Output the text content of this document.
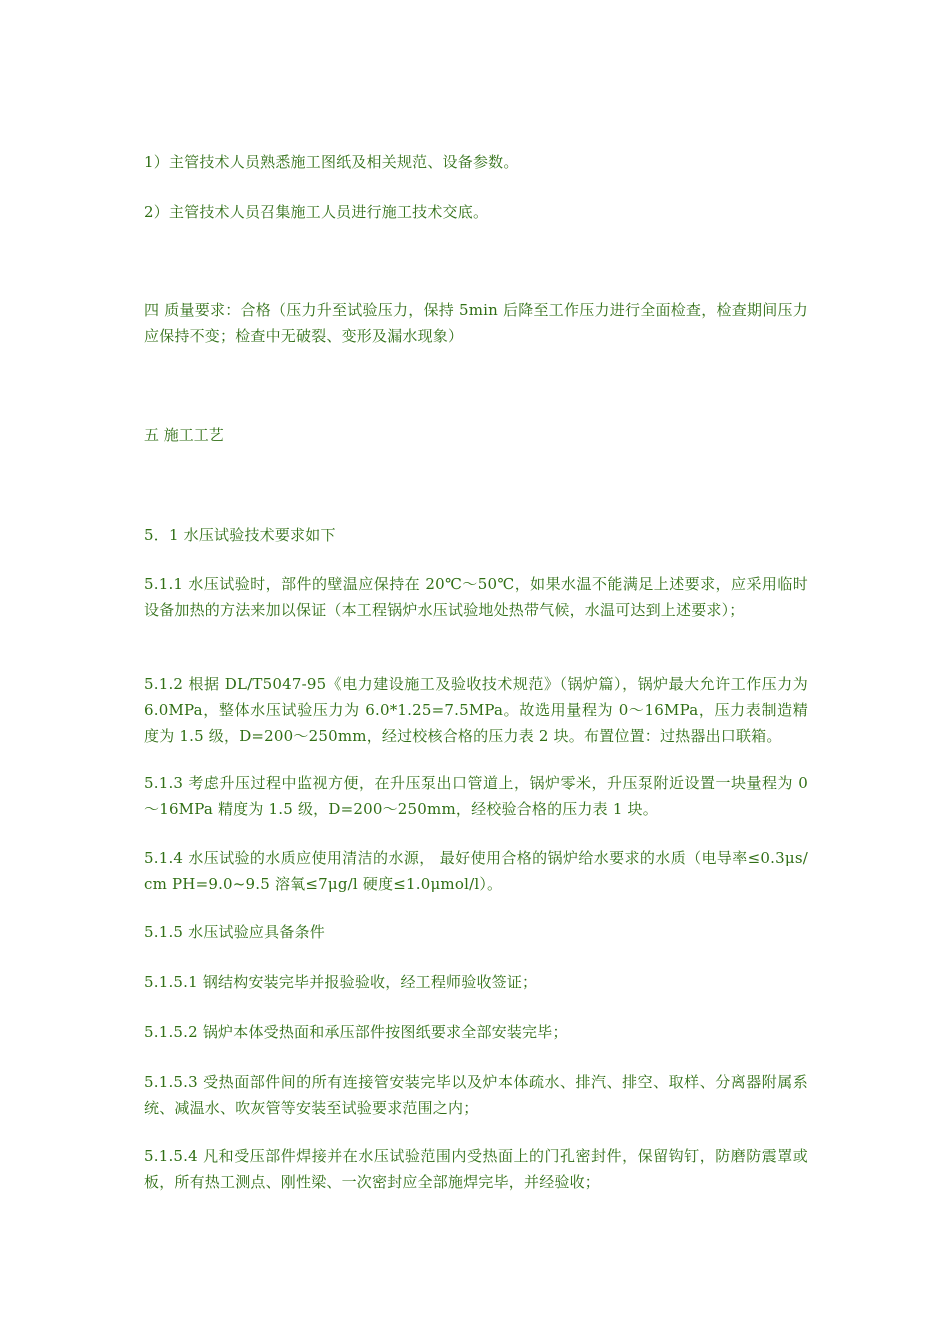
1）主管技术人员熟悉施工图纸及相关规范、设备参数。
2）主管技术人员召集施工人员进行施工技术交底。
四 质量要求：合格（压力升至试验压力，保持 5min 后降至工作压力进行全面检查，检查期间压力应保持不变；检查中无破裂、变形及漏水现象）
五 施工工艺
5．1 水压试验技术要求如下
5.1.1 水压试验时，部件的壁温应保持在 20℃～50℃，如果水温不能满足上述要求，应采用临时设备加热的方法来加以保证（本工程锅炉水压试验地处热带气候，水温可达到上述要求）；
5.1.2 根据 DL/T5047-95《电力建设施工及验收技术规范》（锅炉篇），锅炉最大允许工作压力为 6.0MPa，整体水压试验压力为 6.0*1.25=7.5MPa。故选用量程为 0～16MPa，压力表制造精度为 1.5 级，D=200～250mm，经过校核合格的压力表 2 块。布置位置：过热器出口联箱。
5.1.3 考虑升压过程中监视方便，在升压泵出口管道上，锅炉零米，升压泵附近设置一块量程为 0～16MPa 精度为 1.5 级，D=200～250mm，经校验合格的压力表 1 块。
5.1.4 水压试验的水质应使用清洁的水源， 最好使用合格的锅炉给水要求的水质（电导率≤0.3μs/cm PH=9.0~9.5 溶氧≤7μg/l 硬度≤1.0μmol/l）。
5.1.5 水压试验应具备条件
5.1.5.1 钢结构安装完毕并报验验收，经工程师验收签证；
5.1.5.2 锅炉本体受热面和承压部件按图纸要求全部安装完毕；
5.1.5.3 受热面部件间的所有连接管安装完毕以及炉本体疏水、排汽、排空、取样、分离器附属系统、减温水、吹灰管等安装至试验要求范围之内；
5.1.5.4 凡和受压部件焊接并在水压试验范围内受热面上的门孔密封件，保留钩钉，防磨防震罩或板，所有热工测点、刚性梁、一次密封应全部施焊完毕，并经验收；
